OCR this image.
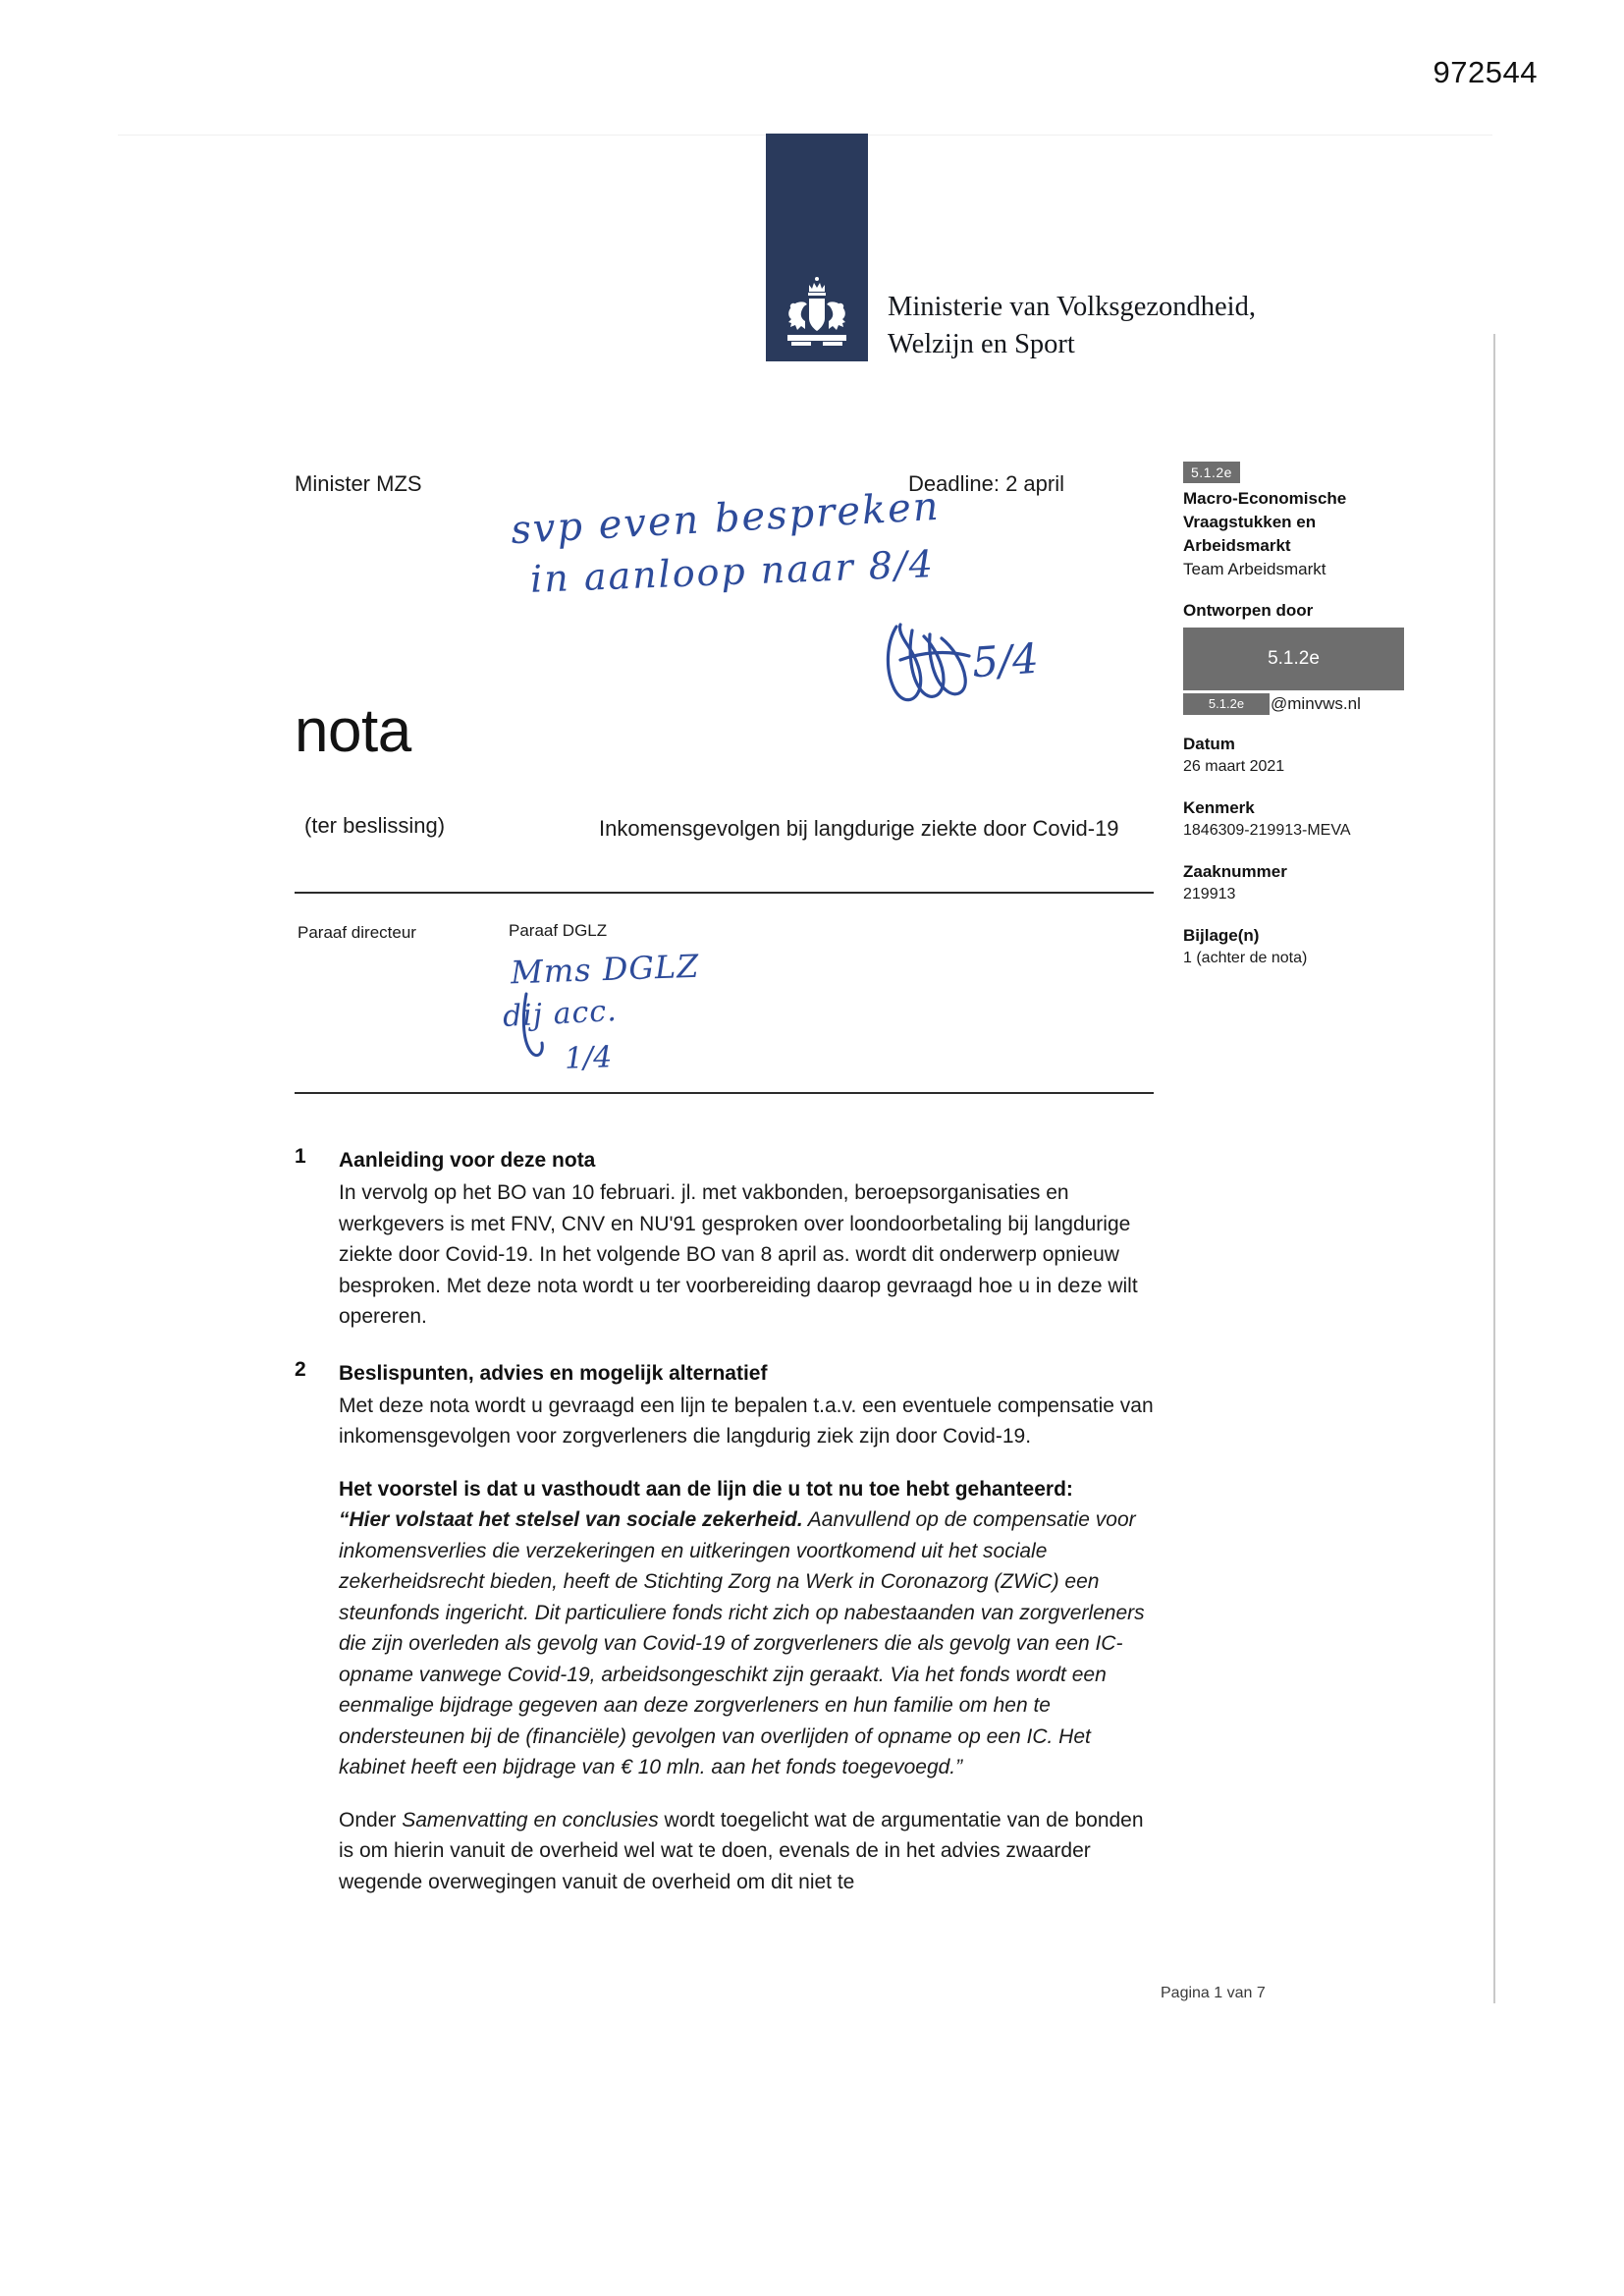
972544
Ministerie van Volksgezondheid,
Welzijn en Sport
Minister MZS	Deadline: 2 april
svp even bespreken
in aanloop naar 8/4
5/4
nota
(ter beslissing)	Inkomensgevolgen bij langdurige ziekte door Covid-19
Paraaf directeur	Paraaf DGLZ
Mms DGLZ
dij acc.
1/4
5.1.2e
Macro-Economische
Vraagstukken en
Arbeidsmarkt
Team Arbeidsmarkt
Ontworpen door
5.1.2e
5.1.2e	@minvws.nl
Datum
26 maart 2021
Kenmerk
1846309-219913-MEVA
Zaaknummer
219913
Bijlage(n)
1 (achter de nota)
1 Aanleiding voor deze nota

In vervolg op het BO van 10 februari. jl. met vakbonden, beroepsorganisaties en werkgevers is met FNV, CNV en NU'91 gesproken over loondoorbetaling bij langdurige ziekte door Covid-19. In het volgende BO van 8 april as. wordt dit onderwerp opnieuw besproken. Met deze nota wordt u ter voorbereiding daarop gevraagd hoe u in deze wilt opereren.

2 Beslispunten, advies en mogelijk alternatief

Met deze nota wordt u gevraagd een lijn te bepalen t.a.v. een eventuele compensatie van inkomensgevolgen voor zorgverleners die langdurig ziek zijn door Covid-19.

Het voorstel is dat u vasthoudt aan de lijn die u tot nu toe hebt gehanteerd:

“Hier volstaat het stelsel van sociale zekerheid. Aanvullend op de compensatie voor inkomensverlies die verzekeringen en uitkeringen voortkomend uit het sociale zekerheidsrecht bieden, heeft de Stichting Zorg na Werk in Coronazorg (ZWiC) een steunfonds ingericht. Dit particuliere fonds richt zich op nabestaanden van zorgverleners die zijn overleden als gevolg van Covid-19 of zorgverleners die als gevolg van een IC-opname vanwege Covid-19, arbeidsongeschikt zijn geraakt. Via het fonds wordt een eenmalige bijdrage gegeven aan deze zorgverleners en hun familie om hen te ondersteunen bij de (financiële) gevolgen van overlijden of opname op een IC. Het kabinet heeft een bijdrage van € 10 mln. aan het fonds toegevoegd.”

Onder Samenvatting en conclusies wordt toegelicht wat de argumentatie van de bonden is om hierin vanuit de overheid wel wat te doen, evenals de in het advies zwaarder wegende overwegingen vanuit de overheid om dit niet te

Pagina 1 van 7
